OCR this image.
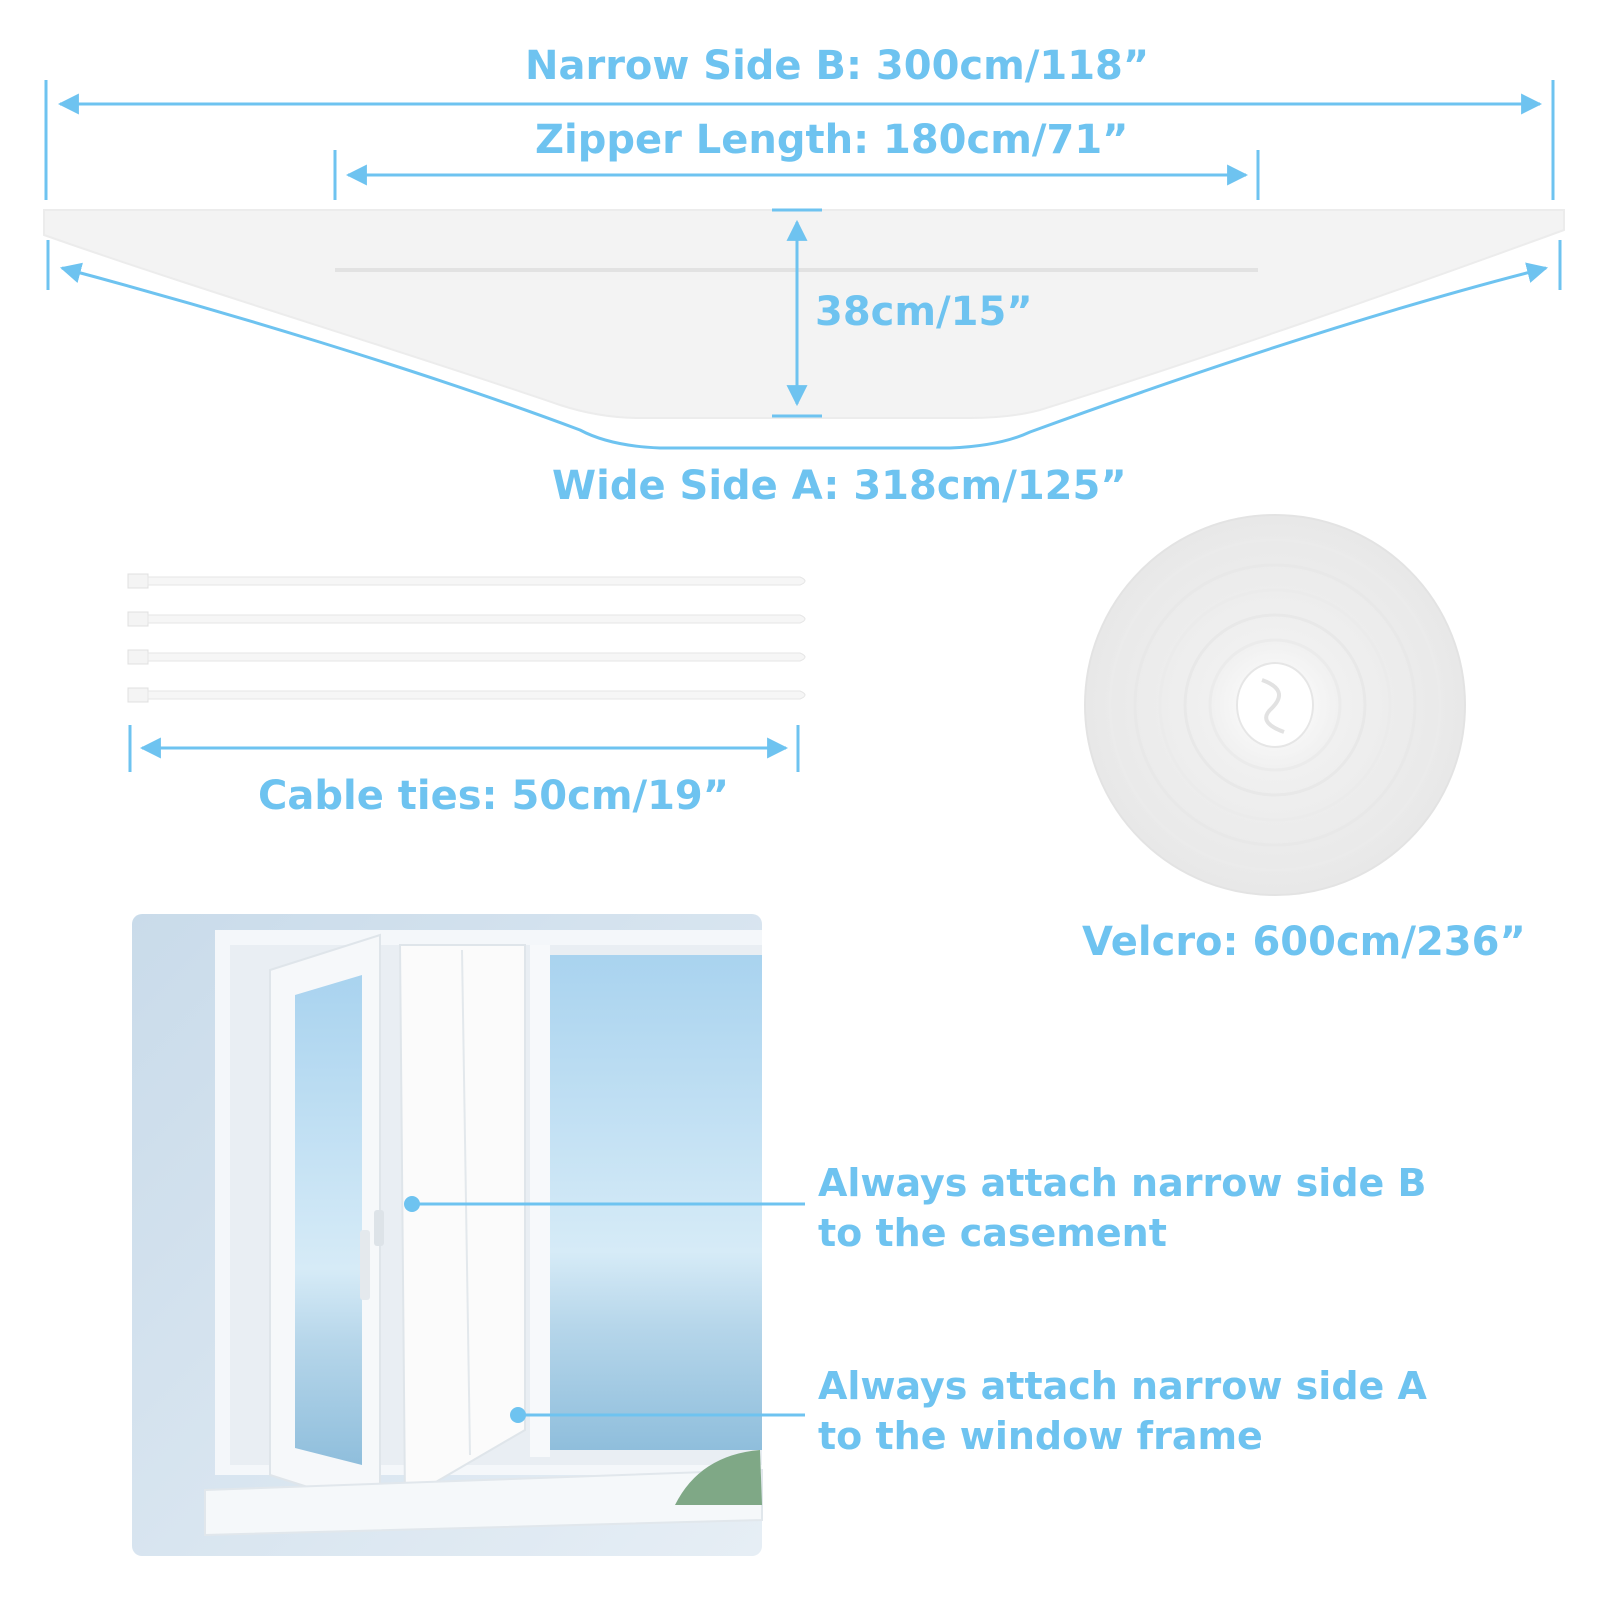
Narrow Side B: 300cm/118”
Zipper Length: 180cm/71”
38cm/15”
Wide Side A: 318cm/125”
Cable ties: 50cm/19”
Velcro: 600cm/236”
Always attach narrow side B
to the casement
Always attach narrow side A
to the window frame
